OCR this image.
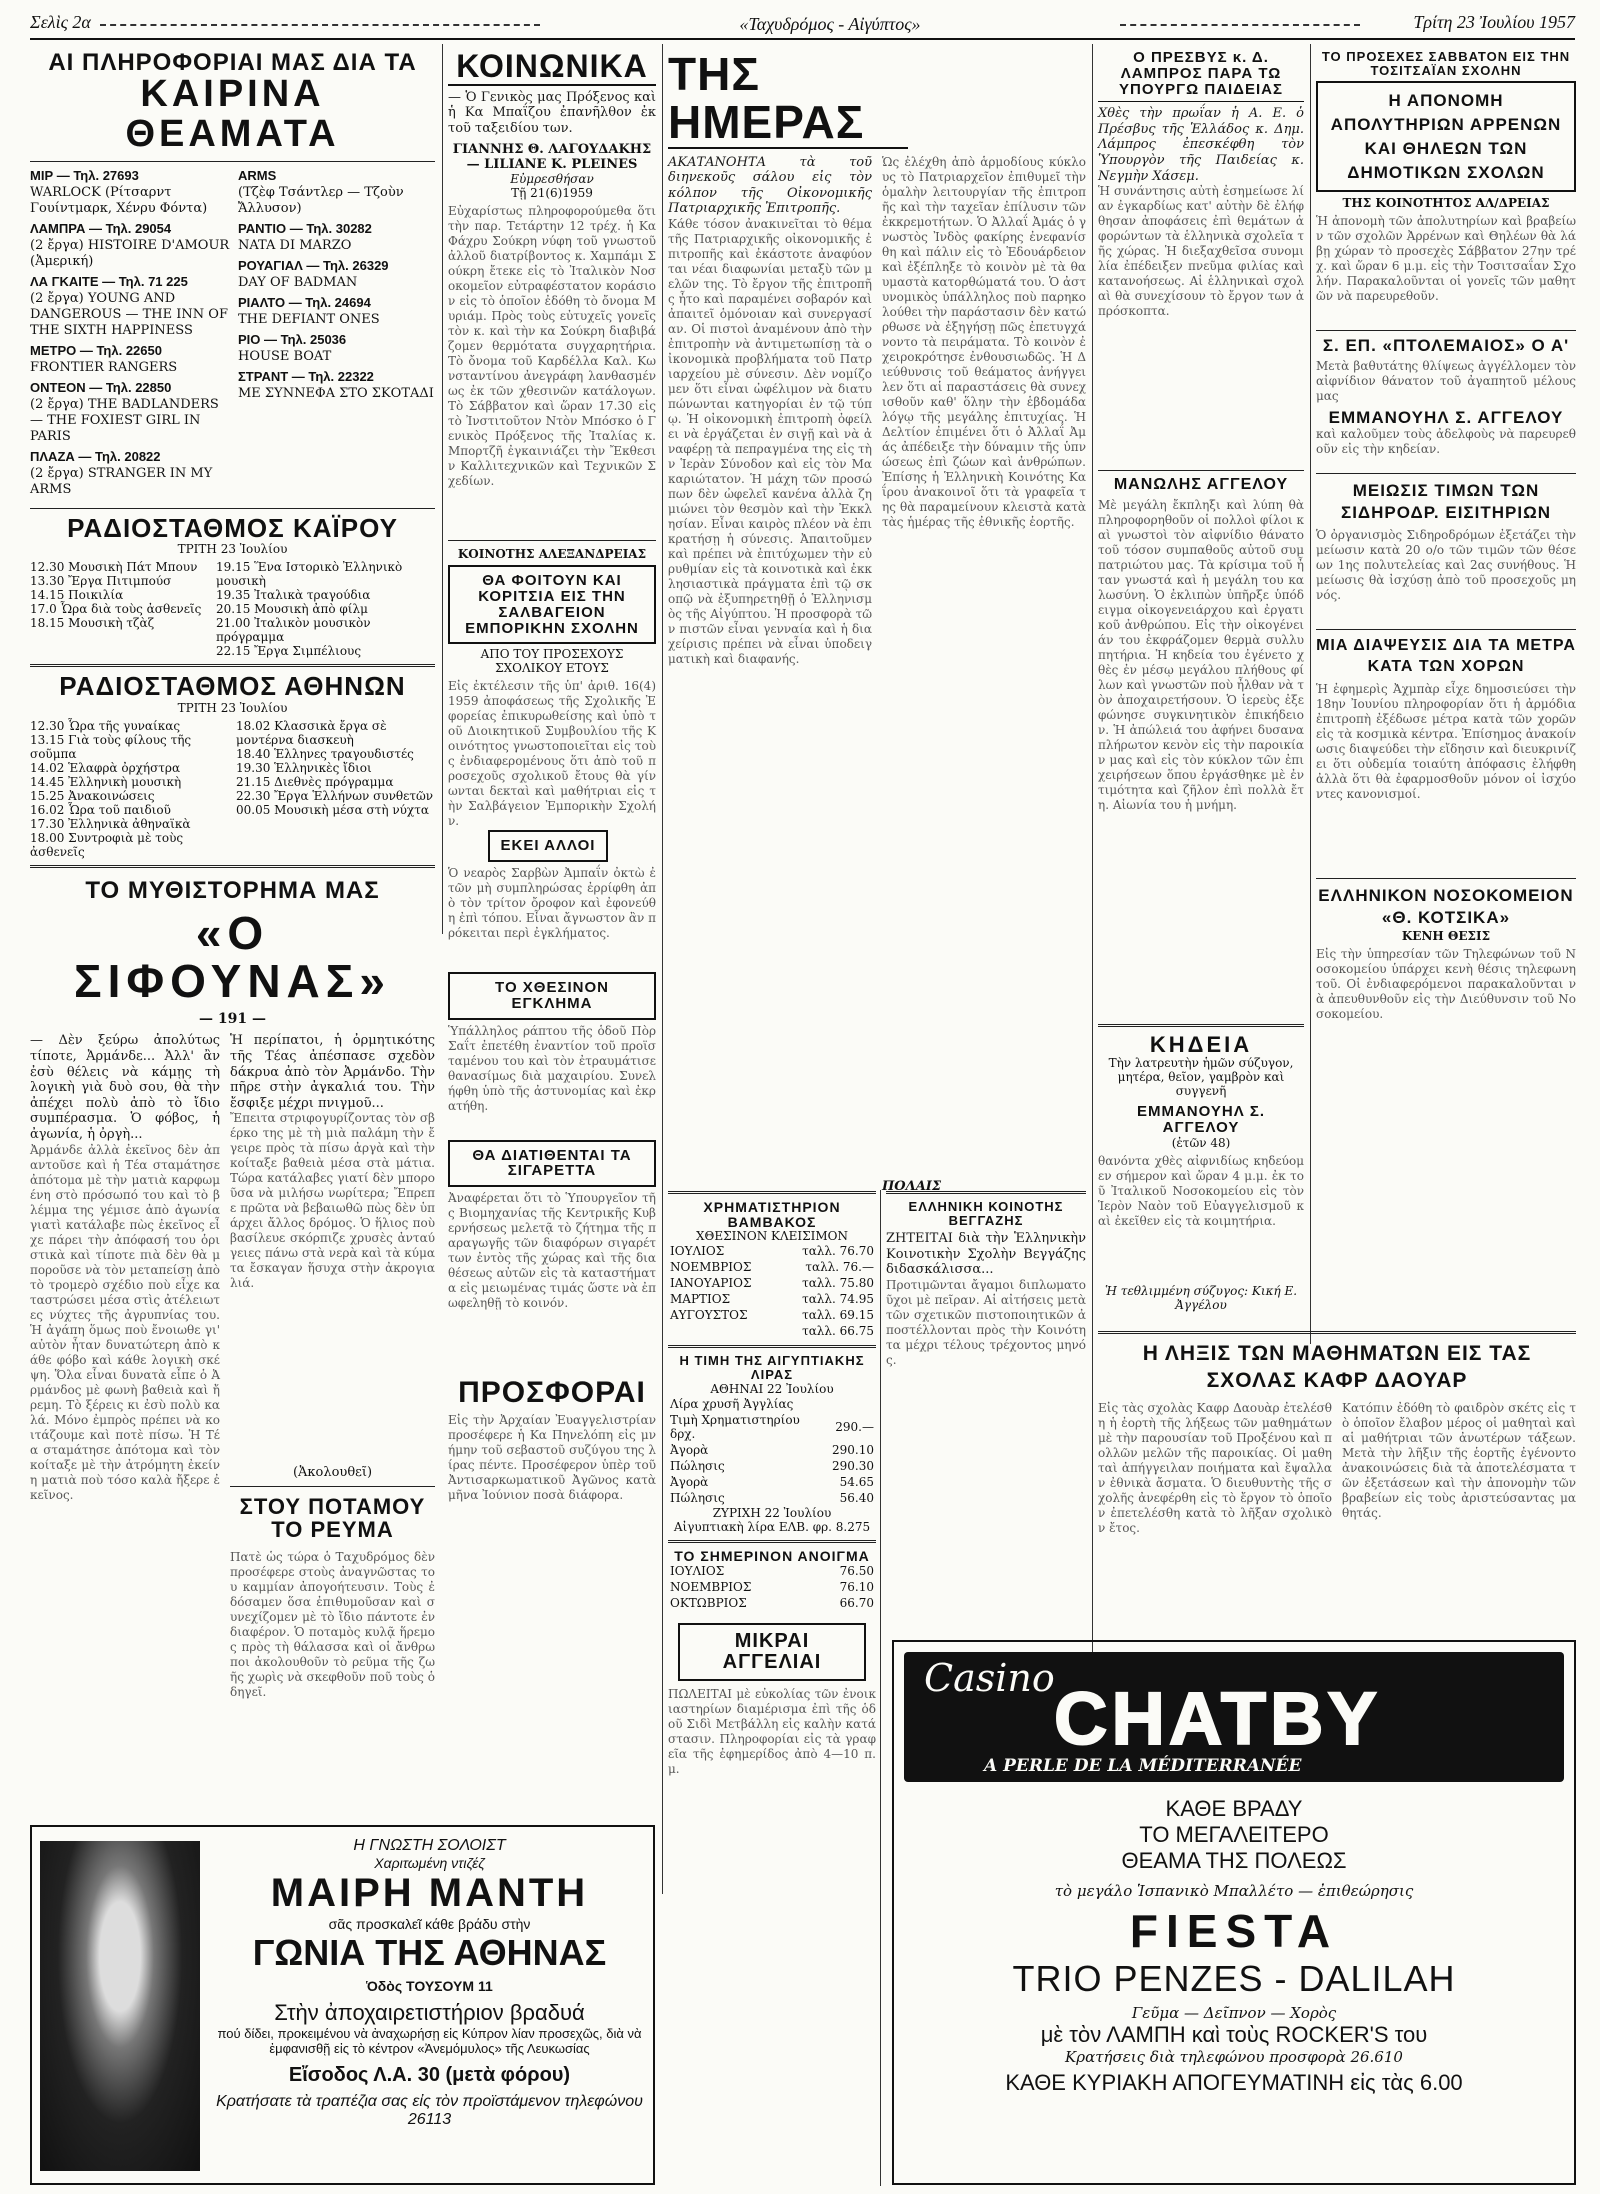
Σελὶς 2α	«Ταχυδρόμος - Αἰγύπτος»	Τρίτη 23 Ἰουλίου 1957
ΑΙ ΠΛΗΡΟΦΟΡΙΑΙ ΜΑΣ ΔΙΑ ΤΑ
ΚΑΙΡΙΝΑ ΘΕΑΜΑΤΑ
ΜΙΡ — Τηλ. 27693
WARLOCK (Ρίτσαρντ Γουίντμαρκ, Χένρυ Φόντα)
ΛΑΜΠΡΑ — Τηλ. 29054
(2 ἔργα) HISTOIRE D'AMOUR (Ἀμερική)
ΛΑ ΓΚΑΙΤΕ — Τηλ. 71 225
(2 ἔργα) YOUNG AND DANGEROUS — THE INN OF THE SIXTH HAPPINESS
ΜΕΤΡΟ — Τηλ. 22650
FRONTIER RANGERS
ΟΝΤΕΟΝ — Τηλ. 22850
(2 ἔργα) THE BADLANDERS — THE FOXIEST GIRL IN PARIS
ΠΛΑΖΑ — Τηλ. 20822
(2 ἔργα) STRANGER IN MY ARMS
ARMS
(Τζὲφ Τσάντλερ — Τζοὺν Ἄλλυσον)
ΡΑΝΤΙΟ — Τηλ. 30282
NATA DI MARZO
ΡΟΥΑΓΙΑΛ — Τηλ. 26329
DAY OF BADMAN
ΡΙΑΛΤΟ — Τηλ. 24694
THE DEFIANT ONES
ΡΙΟ — Τηλ. 25036
HOUSE BOAT
ΣΤΡΑΝΤ — Τηλ. 22322
ΜΕ ΣΥΝΝΕΦΑ ΣΤΟ ΣΚΟΤΑΔΙ
ΡΑΔΙΟΣΤΑΘΜΟΣ ΚΑΪΡΟΥ
ΤΡΙΤΗ 23 Ἰουλίου
12.30 Μουσικὴ Πάτ Μπουν
13.30 Ἔργα Πιτιμπούσ
14.15 Ποικιλία
17.0 Ὧρα διὰ τοὺς ἀσθενεῖς
18.15 Μουσικὴ τζὰζ
19.15 Ἕνα Ιστορικὸ Ἐλληνικὸ μουσικὴ
19.35 Ἰταλικὰ τραγούδια
20.15 Μουσικὴ ἀπὸ φίλμ
21.00 Ἰταλικὸν μουσικὸν πρόγραμμα
22.15 Ἔργα Σιμπέλιους
ΡΑΔΙΟΣΤΑΘΜΟΣ ΑΘΗΝΩΝ
ΤΡΙΤΗ 23 Ἰουλίου
12.30 Ὧρα τῆς γυναίκας
13.15 Γιὰ τοὺς φίλους τῆς σοῦμπα
14.02 Ἑλαφρὰ ὀρχήστρα
14.45 Ἐλληνικὴ μουσικὴ
15.25 Ἀνακοινώσεις
16.02 Ὧρα τοῦ παιδιοῦ
17.30 Ἐλληνικὰ ἀθηναϊκὰ
18.00 Συντροφιὰ μὲ τοὺς ἀσθενεῖς
18.02 Κλασσικὰ ἔργα σὲ μοντέρνα διασκευὴ
18.40 Ἑλληνες τραγουδιστές
19.30 Ἑλληνικὲς ἴδιοι
21.15 Διεθνὲς πρόγραμμα
22.30 Ἔργα Ἑλλήνων συνθετῶν
00.05 Μουσικὴ μέσα στὴ νύχτα
ΤΟ ΜΥΘΙΣΤΟΡΗΜΑ ΜΑΣ
«Ο ΣΙΦΟΥΝΑΣ»
— 191 —
— Δὲν ξεύρω ἀπολύτως τίποτε, Ἀρμάνδε... Ἀλλ' ἂν ἐσὺ θέλεις νὰ κάμῃς τὴ λογικὴ γιὰ δυὸ σου, θὰ τὴν ἀπέχει πολὺ ἀπὸ τὸ ἴδιο συμπέρασμα. Ὁ φόβος, ἡ ἀγωνία, ἡ ὀργὴ...
Ἀρμάνδε ἀλλὰ ἐκεῖνος δὲν ἀπαντοῦσε καὶ ἡ Τέα σταμάτησε ἀπότομα μὲ τὴν ματιὰ καρφωμένη στὸ πρόσωπό του καὶ τὸ βλέμμα της γέμισε ἀπὸ ἀγωνία γιατὶ κατάλαβε πὼς ἐκεῖνος εἶχε πάρει τὴν ἀπόφασή του ὁριστικὰ καὶ τίποτε πιὰ δὲν θὰ μποροῦσε νὰ τὸν μεταπείσῃ ἀπὸ τὸ τρομερὸ σχέδιο ποὺ εἶχε καταστρώσει μέσα στὶς ἀτέλειωτες νύχτες τῆς ἀγρυπνίας του. Ἡ ἀγάπη ὅμως ποὺ ἔνοιωθε γι' αὐτὸν ἦταν δυνατώτερη ἀπὸ κάθε φόβο καὶ κάθε λογικὴ σκέψη. Ὅλα εἶναι δυνατὰ εἶπε ὁ Ἀρμάνδος μὲ φωνὴ βαθειὰ καὶ ἤρεμη. Τὸ ξέρεις κι ἐσὺ πολὺ καλά. Μόνο ἐμπρὸς πρέπει νὰ κοιτάζουμε καὶ ποτὲ πίσω. Ἡ Τέα σταμάτησε ἀπότομα καὶ τὸν κοίταξε μὲ τὴν ἀτρόμητη ἐκείνη ματιὰ ποὺ τόσο καλὰ ἤξερε ἐκεῖνος.
Ἡ περίπατοι, ἡ ὀρμητικότης τῆς Τέας ἀπέσπασε σχεδὸν δάκρυα ἀπὸ τὸν Ἀρμάνδο. Τὴν πῆρε στὴν ἀγκαλιά του. Τὴν ἔσφιξε μέχρι πνιγμοῦ...
Ἔπειτα στριφογυρίζοντας τὸν σβέρκο της μὲ τὴ μιὰ παλάμη τὴν ἔγειρε πρὸς τὰ πίσω ἀργὰ καὶ τὴν κοίταξε βαθειὰ μέσα στὰ μάτια. Τώρα κατάλαβες γιατί δὲν μποροῦσα νὰ μιλήσω νωρίτερα; Ἔπρεπε πρῶτα νὰ βεβαιωθῶ πὼς δὲν ὑπάρχει ἄλλος δρόμος. Ὁ ἥλιος ποὺ βασίλευε σκόρπιζε χρυσὲς ἀνταύγειες πάνω στὰ νερὰ καὶ τὰ κύματα ἔσκαγαν ἥσυχα στὴν ἀκρογιαλιά.
(Ἀκολουθεῖ)
ΣΤΟΥ ΠΟΤΑΜΟΥ ΤΟ ΡΕΥΜΑ
Πατὲ ὡς τώρα ὁ Ταχυδρόμος δὲν προσέφερε στοὺς ἀναγνῶστας του καμμίαν ἀπογοήτευσιν. Τοὺς ἐδόσαμεν ὅσα ἐπιθυμοῦσαν καὶ συνεχίζομεν μὲ τὸ ἴδιο πάντοτε ἐνδιαφέρον. Ὁ ποταμὸς κυλᾷ ἥρεμος πρὸς τὴ θάλασσα καὶ οἱ ἄνθρωποι ἀκολουθοῦν τὸ ρεῦμα τῆς ζωῆς χωρὶς νὰ σκεφθοῦν ποῦ τοὺς ὁδηγεῖ.
Η ΓΝΩΣΤΗ ΣΟΛΟΙΣΤ
Χαριτωμένη ντιζέζ
ΜΑΙΡΗ ΜΑΝΤΗ
σᾶς προσκαλεῖ κάθε βράδυ στὴν
ΓΩΝΙΑ ΤΗΣ ΑΘΗΝΑΣ
Ὁδὸς ΤΟΥΣΟΥΜ 11
Στὴν ἀποχαιρετιστήριον βραδυά
πού δίδει, προκειμένου νὰ ἀναχωρήσῃ εἰς Κύπρον λίαν προσεχῶς, διὰ νὰ ἐμφανισθῇ εἰς τὸ κέντρον «Ἀνεμόμυλος» τῆς Λευκωσίας
Εἴσοδος Λ.Α. 30 (μετὰ φόρου)
Κρατήσατε τὰ τραπέζια σας εἰς τὸν προϊστάμενον τηλεφώνου 26113
ΚΟΙΝΩΝΙΚΑ
— Ὁ Γενικὸς μας Πρόξενος καὶ ἡ Κα Μπαΐζου ἐπανῆλθον ἐκ τοῦ ταξειδίου των.
ΓΙΑΝΝΗΣ Θ. ΛΑΓΟΥΔΑΚΗΣ — LILIANE K. PLEINES
Εὐμρεσθήσαν
Τῇ 21(6)1959
Εὐχαρίστως πληροφορούμεθα ὅτι τὴν παρ. Τετάρτην 12 τρέχ. ἡ Κα Φάχρυ Σούκρη νύφη τοῦ γνωστοῦ ἀλλοῦ διατρίβοντος κ. Χαμπάμι Σούκρη ἔτεκε εἰς τὸ Ἰταλικὸν Νοσοκομεῖον εὐτραφέστατον κοράσιον εἰς τὸ ὁποῖον ἐδόθη τὸ ὄνομα Μυριάμ. Πρὸς τοὺς εὐτυχεῖς γονεῖς τὸν κ. καὶ τὴν κα Σούκρη διαβιβάζομεν θερμότατα συγχαρητήρια. Τὸ ὄνομα τοῦ Καρδέλλα Καλ. Κωνσταντίνου ἀνεγράφη λανθασμένως ἐκ τῶν χθεσινῶν κατάλογων. Τὸ Σάββατον καὶ ὥραν 17.30 εἰς τὸ Ἰνστιτοῦτον Ντὸν Μπόσκο ὁ Γενικὸς Πρόξενος τῆς Ἰταλίας κ. Μπορτζῆ ἐγκαινιάζει τὴν Ἔκθεσιν Καλλιτεχνικῶν καὶ Τεχνικῶν Σχεδίων.
ΚΟΙΝΟΤΗΣ ΑΛΕΞΑΝΔΡΕΙΑΣ
ΘΑ ΦΟΙΤΟΥΝ ΚΑΙ ΚΟΡΙΤΣΙΑ ΕΙΣ ΤΗΝ ΣΑΛΒΑΓΕΙΟΝ ΕΜΠΟΡΙΚΗΝ ΣΧΟΛΗΝ
ΑΠΟ ΤΟΥ ΠΡΟΣΕΧΟΥΣ ΣΧΟΛΙΚΟΥ ΕΤΟΥΣ
Εἰς ἐκτέλεσιν τῆς ὑπ' ἀριθ. 16(4)1959 ἀποφάσεως τῆς Σχολικῆς Ἐφορείας ἐπικυρωθείσης καὶ ὑπὸ τοῦ Διοικητικοῦ Συμβουλίου τῆς Κοινότητος γνωστοποιεῖται εἰς τοὺς ἐνδιαφερομένους ὅτι ἀπὸ τοῦ προσεχοῦς σχολικοῦ ἔτους θὰ γίνωνται δεκταὶ καὶ μαθήτριαι εἰς τὴν Σαλβάγειον Ἐμπορικὴν Σχολήν.
ΕΚΕΙ ΑΛΛΟΙ
Ὁ νεαρὸς Σαρβὼν Ἀμπαΐν ὀκτὼ ἐτῶν μὴ συμπληρώσας ἐρρίφθη ἀπὸ τὸν τρίτον ὄροφον καὶ ἐφονεύθη ἐπὶ τόπου. Εἶναι ἄγνωστον ἂν πρόκειται περὶ ἐγκλήματος.
ΤΟ ΧΘΕΣΙΝΟΝ ΕΓΚΛΗΜΑ
Ὑπάλληλος ράπτου τῆς ὁδοῦ Πὸρ Σαΐτ ἐπετέθη ἐναντίον τοῦ προϊσταμένου του καὶ τὸν ἐτραυμάτισε θανασίμως διὰ μαχαιρίου. Συνελήφθη ὑπὸ τῆς ἀστυνομίας καὶ ἐκρατήθη.
ΘΑ ΔΙΑΤΙΘΕΝΤΑΙ ΤΑ ΣΙΓΑΡΕΤΤΑ
Ἀναφέρεται ὅτι τὸ Ὑπουργεῖον τῆς Βιομηχανίας τῆς Κεντρικῆς Κυβερνήσεως μελετᾷ τὸ ζήτημα τῆς παραγωγῆς τῶν διαφόρων σιγαρέττων ἐντὸς τῆς χώρας καὶ τῆς διαθέσεως αὐτῶν εἰς τὰ καταστήματα εἰς μειωμένας τιμάς ὥστε νὰ ἐπωφεληθῇ τὸ κοινόν.
ΠΡΟΣΦΟΡΑΙ
Εἰς τὴν Ἀρχαίαν Ἐυαγγελιστρίαν προσέφερε ἡ Κα Πηνελόπη εἰς μνήμην τοῦ σεβαστοῦ συζύγου της λίρας πέντε. Προσέφερον ὑπὲρ τοῦ Ἀντισαρκωματικοῦ Ἀγῶνος κατὰ μῆνα Ἰούνιον ποσὰ διάφορα.
ΤΗΣ ΗΜΕΡΑΣ
ΑΚΑΤΑΝΟΗΤΑ τὰ τοῦ διηνεκοῦς σάλου εἰς τὸν κόλπον τῆς Οἰκονομικῆς Πατριαρχικῆς Ἐπιτροπῆς.
Κάθε τόσον ἀνακινεῖται τὸ θέμα τῆς Πατριαρχικῆς οἰκονομικῆς ἐπιτροπῆς καὶ ἐκάστοτε ἀναφύονται νέαι διαφωνίαι μεταξὺ τῶν μελῶν της. Τὸ ἔργον τῆς ἐπιτροπῆς ἦτο καὶ παραμένει σοβαρόν καὶ ἀπαιτεῖ ὁμόνοιαν καὶ συνεργασίαν. Οἱ πιστοὶ ἀναμένουν ἀπὸ τὴν ἐπιτροπὴν νὰ ἀντιμετωπίσῃ τὰ οἰκονομικὰ προβλήματα τοῦ Πατριαρχείου μὲ σύνεσιν. Δὲν νομίζομεν ὅτι εἶναι ὠφέλιμον νὰ διατυπώνωνται κατηγορίαι ἐν τῷ τύπῳ. Ἡ οἰκονομικὴ ἐπιτροπὴ ὀφείλει νὰ ἐργάζεται ἐν σιγῇ καὶ νὰ ἀναφέρῃ τὰ πεπραγμένα της εἰς τὴν Ἱερὰν Σύνοδον καὶ εἰς τὸν Μακαριώτατον. Ἡ μάχη τῶν προσώπων δὲν ὠφελεῖ κανένα ἀλλὰ ζημιώνει τὸν θεσμὸν καὶ τὴν Ἐκκλησίαν. Εἶναι καιρὸς πλέον νὰ ἐπικρατήσῃ ἡ σύνεσις. Ἀπαιτοῦμεν καὶ πρέπει νὰ ἐπιτύχωμεν τὴν εὐρυθμίαν εἰς τὰ κοινοτικὰ καὶ ἐκκλησιαστικὰ πράγματα ἐπὶ τῷ σκοπῷ νὰ ἐξυπηρετηθῇ ὁ Ἑλληνισμὸς τῆς Αἰγύπτου. Ἡ προσφορὰ τῶν πιστῶν εἶναι γενναία καὶ ἡ διαχείρισις πρέπει νὰ εἶναι ὑποδειγματικὴ καὶ διαφανής.
Ὡς ἐλέχθη ἀπὸ ἁρμοδίους κύκλους τὸ Πατριαρχεῖον ἐπιθυμεῖ τὴν ὁμαλὴν λειτουργίαν τῆς ἐπιτροπῆς καὶ τὴν ταχεῖαν ἐπίλυσιν τῶν ἐκκρεμοτήτων. Ὁ Ἀλλαΐ Ἀμάς ὁ γνωστὸς Ἰνδὸς φακίρης ἐνεφανίσθη καὶ πάλιν εἰς τὸ Ἑδουάρδειον καὶ ἐξέπληξε τὸ κοινὸν μὲ τὰ θαυμαστὰ κατορθώματά του. Ὁ ἀστυνομικὸς ὑπάλληλος ποὺ παρηκολούθει τὴν παράστασιν δὲν κατώρθωσε νὰ ἐξηγήσῃ πῶς ἐπετυγχάνοντο τὰ πειράματα. Τὸ κοινὸν ἐχειροκρότησε ἐνθουσιωδῶς. Ἡ Διεύθυνσις τοῦ θεάματος ἀνήγγειλεν ὅτι αἱ παραστάσεις θὰ συνεχισθοῦν καθ' ὅλην τὴν ἑβδομάδα λόγῳ τῆς μεγάλης ἐπιτυχίας. Ἡ Δελτίον ἐπιμένει ὅτι ὁ Ἀλλαΐ Ἀμάς ἀπέδειξε τὴν δύναμιν τῆς ὑπνώσεως ἐπὶ ζώων καὶ ἀνθρώπων. Ἐπίσης ἡ Ἑλληνικὴ Κοινότης Καΐρου ἀνακοινοῖ ὅτι τὰ γραφεῖα της θὰ παραμείνουν κλειστὰ κατὰ τὰς ἡμέρας τῆς ἐθνικῆς ἑορτῆς.
ΠΟΛΑΙΣ
ΧΡΗΜΑΤΙΣΤΗΡΙΟΝ ΒΑΜΒΑΚΟΣ
ΧΘΕΣΙΝΟΝ ΚΛΕΙΣΙΜΟΝ
ΙΟΥΛΙΟΣ	ταλλ. 76.70
ΝΟΕΜΒΡΙΟΣ	ταλλ. 76.—
ΙΑΝΟΥΑΡΙΟΣ	ταλλ. 75.80
ΜΑΡΤΙΟΣ	ταλλ. 74.95
ΑΥΓΟΥΣΤΟΣ	ταλλ. 69.15
	ταλλ. 66.75
Η ΤΙΜΗ ΤΗΣ ΑΙΓΥΠΤΙΑΚΗΣ ΛΙΡΑΣ
ΑΘΗΝΑΙ 22 Ἰουλίου
Λίρα χρυσῆ Ἀγγλίας	
Τιμὴ Χρηματιστηρίου δρχ.	290.—
Ἀγορὰ	290.10
Πώλησις	290.30
Ἀγορὰ	54.65
Πώλησις	56.40
ΖΥΡΙΧΗ 22 Ἰουλίου
Αἰγυπτιακὴ λίρα ΕΛΒ. φρ. 8.275
ΤΟ ΣΗΜΕΡΙΝΟΝ ΑΝΟΙΓΜΑ
ΙΟΥΛΙΟΣ	76.50
ΝΟΕΜΒΡΙΟΣ	76.10
ΟΚΤΩΒΡΙΟΣ	66.70
ΜΙΚΡΑΙ ΑΓΓΕΛΙΑΙ
ΠΩΛΕΙΤΑΙ μὲ εὐκολίας τῶν ἐνοικιαστηρίων διαμέρισμα ἐπὶ τῆς ὁδοῦ Σιδὶ Μετβάλλη εἰς καλὴν κατάστασιν. Πληροφορίαι εἰς τὰ γραφεῖα τῆς ἐφημερίδος ἀπὸ 4—10 π.μ.
ΕΛΛΗΝΙΚΗ ΚΟΙΝΟΤΗΣ ΒΕΓΓΑΖΗΣ
ΖΗΤΕΙΤΑΙ διὰ τὴν Ἑλληνικὴν Κοινοτικὴν Σχολὴν Βεγγάζης διδασκάλισσα...
Προτιμῶνται ἄγαμοι διπλωματοῦχοι μὲ πεῖραν. Αἱ αἰτήσεις μετὰ τῶν σχετικῶν πιστοποιητικῶν ἀποστέλλονται πρὸς τὴν Κοινότητα μέχρι τέλους τρέχοντος μηνός.
Ο ΠΡΕΣΒΥΣ κ. Δ. ΛΑΜΠΡΟΣ ΠΑΡΑ ΤΩ ΥΠΟΥΡΓΩ ΠΑΙΔΕΙΑΣ
Χθὲς τὴν πρωΐαν ἡ Α. Ε. ὁ Πρέσβυς τῆς Ἑλλάδος κ. Δημ. Λάμπρος ἐπεσκέφθη τὸν Ὑπουργὸν τῆς Παιδείας κ. Νεγμὴν Χάσεμ.
Ἡ συνάντησις αὐτὴ ἐσημείωσε λίαν ἐγκαρδίως κατ' αὐτὴν δὲ ἐλήφθησαν ἀποφάσεις ἐπὶ θεμάτων ἀφορώντων τὰ ἑλληνικὰ σχολεῖα τῆς χώρας. Ἡ διεξαχθεῖσα συνομιλία ἐπέδειξεν πνεῦμα φιλίας καὶ κατανοήσεως. Αἱ ἑλληνικαὶ σχολαὶ θὰ συνεχίσουν τὸ ἔργον των ἀπρόσκοπτα.
ΜΑΝΩΛΗΣ ΑΓΓΕΛΟΥ
Μὲ μεγάλη ἔκπληξι καὶ λύπη θὰ πληροφορηθοῦν οἱ πολλοὶ φίλοι καὶ γνωστοὶ τὸν αἰφνίδιο θάνατο τοῦ τόσον συμπαθοῦς αὐτοῦ συμπατριώτου μας. Τὰ κρίσιμα τοῦ ἦταν γνωστά καὶ ἡ μεγάλη του καλωσύνη. Ὁ ἐκλιπὼν ὑπῆρξε ὑπόδειγμα οἰκογενειάρχου καὶ ἐργατικοῦ ἀνθρώπου. Εἰς τὴν οἰκογένειάν του ἐκφράζομεν θερμὰ συλλυπητήρια. Ἡ κηδεία του ἐγένετο χθὲς ἐν μέσῳ μεγάλου πλήθους φίλων καὶ γνωστῶν ποὺ ἦλθαν νὰ τὸν ἀποχαιρετήσουν. Ὁ ἱερεὺς ἐξεφώνησε συγκινητικὸν ἐπικήδειον. Ἡ ἀπώλειά του ἀφήνει δυσαναπλήρωτον κενὸν εἰς τὴν παροικίαν μας καὶ εἰς τὸν κύκλον τῶν ἐπιχειρήσεων ὅπου ἐργάσθηκε μὲ ἐντιμότητα καὶ ζῆλον ἐπὶ πολλὰ ἔτη. Αἰωνία του ἡ μνήμη.
ΚΗΔΕΙΑ
Τὴν λατρευτὴν ἡμῶν σύζυγον, μητέρα, θεῖον, γαμβρὸν καὶ συγγενῆ
ΕΜΜΑΝΟΥΗΛ Σ. ΑΓΓΕΛΟΥ
(ἐτῶν 48)
θανόντα χθὲς αἰφνιδίως κηδεύομεν σήμερον καὶ ὥραν 4 μ.μ. ἐκ τοῦ Ἰταλικοῦ Νοσοκομείου εἰς τὸν Ἱερὸν Ναὸν τοῦ Εὐαγγελισμοῦ καὶ ἐκεῖθεν εἰς τὰ κοιμητήρια.
Ἡ τεθλιμμένη σύζυγος: Κική Ε. Ἀγγέλου
ΤΟ ΠΡΟΣΕΧΕΣ ΣΑΒΒΑΤΟΝ ΕΙΣ ΤΗΝ ΤΟΣΙΤΣΑΪΑΝ ΣΧΟΛΗΝ
Η ΑΠΟΝΟΜΗ ΑΠΟΛΥΤΗΡΙΩΝ ΑΡΡΕΝΩΝ ΚΑΙ ΘΗΛΕΩΝ ΤΩΝ ΔΗΜΟΤΙΚΩΝ ΣΧΟΛΩΝ
ΤΗΣ ΚΟΙΝΟΤΗΤΟΣ ΑΛ/ΔΡΕΙΑΣ
Ἡ ἀπονομὴ τῶν ἀπολυτηρίων καὶ βραβείων τῶν σχολῶν Ἀρρένων καὶ Θηλέων θὰ λάβῃ χώραν τὸ προσεχὲς Σάββατον 27ην τρέχ. καὶ ὥραν 6 μ.μ. εἰς τὴν Τοσιτσαΐαν Σχολήν. Παρακαλοῦνται οἱ γονεῖς τῶν μαθητῶν νὰ παρευρεθοῦν.
Σ. ΕΠ. «ΠΤΟΛΕΜΑΙΟΣ» Ο Α'
Μετὰ βαθυτάτης θλίψεως ἀγγέλλομεν τὸν αἰφνίδιον θάνατον τοῦ ἀγαπητοῦ μέλους μας
ΕΜΜΑΝΟΥΗΛ Σ. ΑΓΓΕΛΟΥ
καὶ καλοῦμεν τοὺς ἀδελφοὺς νὰ παρευρεθοῦν εἰς τὴν κηδείαν.
ΜΕΙΩΣΙΣ ΤΙΜΩΝ ΤΩΝ ΣΙΔΗΡΟΔΡ. ΕΙΣΙΤΗΡΙΩΝ
Ὁ ὀργανισμὸς Σιδηροδρόμων ἐξετάζει τὴν μείωσιν κατὰ 20 ο/ο τῶν τιμῶν τῶν θέσεων 1ης πολυτελείας καὶ 2ας συνήθους. Ἡ μείωσις θὰ ἰσχύσῃ ἀπὸ τοῦ προσεχοῦς μηνός.
ΜΙΑ ΔΙΑΨΕΥΣΙΣ ΔΙΑ ΤΑ ΜΕΤΡΑ ΚΑΤΑ ΤΩΝ ΧΟΡΩΝ
Ἡ ἐφημερὶς Ἀχμπὰρ εἶχε δημοσιεύσει τὴν 18ην Ἰουνίου πληροφορίαν ὅτι ἡ ἀρμόδια ἐπιτροπὴ ἐξέδωσε μέτρα κατὰ τῶν χορῶν εἰς τὰ κοσμικὰ κέντρα. Ἐπίσημος ἀνακοίνωσις διαψεύδει τὴν εἴδησιν καὶ διευκρινίζει ὅτι οὐδεμία τοιαύτη ἀπόφασις ἐλήφθη ἀλλὰ ὅτι θὰ ἐφαρμοσθοῦν μόνον οἱ ἰσχύοντες κανονισμοί.
ΕΛΛΗΝΙΚΟΝ ΝΟΣΟΚΟΜΕΙΟΝ «Θ. ΚΟΤΣΙΚΑ»
ΚΕΝΗ ΘΕΣΙΣ
Εἰς τὴν ὑπηρεσίαν τῶν Τηλεφώνων τοῦ Νοσοκομείου ὑπάρχει κενὴ θέσις τηλεφωνητοῦ. Οἱ ἐνδιαφερόμενοι παρακαλοῦνται νὰ ἀπευθυνθοῦν εἰς τὴν Διεύθυνσιν τοῦ Νοσοκομείου.
Η ΛΗΞΙΣ ΤΩΝ ΜΑΘΗΜΑΤΩΝ ΕΙΣ ΤΑΣ ΣΧΟΛΑΣ ΚΑΦΡ ΔΑΟΥΑΡ
Εἰς τὰς σχολὰς Καφρ Δαουὰρ ἐτελέσθη ἡ ἐορτὴ τῆς λήξεως τῶν μαθημάτων μὲ τὴν παρουσίαν τοῦ Προξένου καὶ πολλῶν μελῶν τῆς παροικίας. Οἱ μαθηταὶ ἀπήγγειλαν ποιήματα καὶ ἔψαλλαν ἐθνικὰ ἄσματα. Ὁ διευθυντὴς τῆς σχολῆς ἀνεφέρθη εἰς τὸ ἔργον τὸ ὁποῖον ἐπετελέσθη κατὰ τὸ λῆξαν σχολικὸν ἔτος.
Κατόπιν ἐδόθη τὸ φαιδρὸν σκέτς εἰς τὸ ὁποῖον ἔλαβον μέρος οἱ μαθηταὶ καὶ αἱ μαθήτριαι τῶν ἀνωτέρων τάξεων. Μετὰ τὴν λῆξιν τῆς ἑορτῆς ἐγένοντο ἀνακοινώσεις διὰ τὰ ἀποτελέσματα τῶν ἐξετάσεων καὶ τὴν ἀπονομὴν τῶν βραβείων εἰς τοὺς ἀριστεύσαντας μαθητάς.
Casino CHATBY
A PERLE DE LA MÉDITERRANÉE
ΚΑΘΕ ΒΡΑΔΥ
ΤΟ ΜΕΓΑΛΕΙΤΕΡΟ
ΘΕΑΜΑ ΤΗΣ ΠΟΛΕΩΣ
τὸ μεγάλο Ἱσπανικὸ Μπαλλέτο — ἐπιθεώρησις
FIESTA
TRIO PENZES - DALILAH
Γεῦμα — Δεῖπνον — Χορὸς
μὲ τὸν ΛΑΜΠΗ καὶ τοὺς ROCKER'S του
Κρατήσεις διὰ τηλεφώνου προσφορὰ 26.610
ΚΑΘΕ ΚΥΡΙΑΚΗ ΑΠΟΓΕΥΜΑΤΙΝΗ εἰς τὰς 6.00
